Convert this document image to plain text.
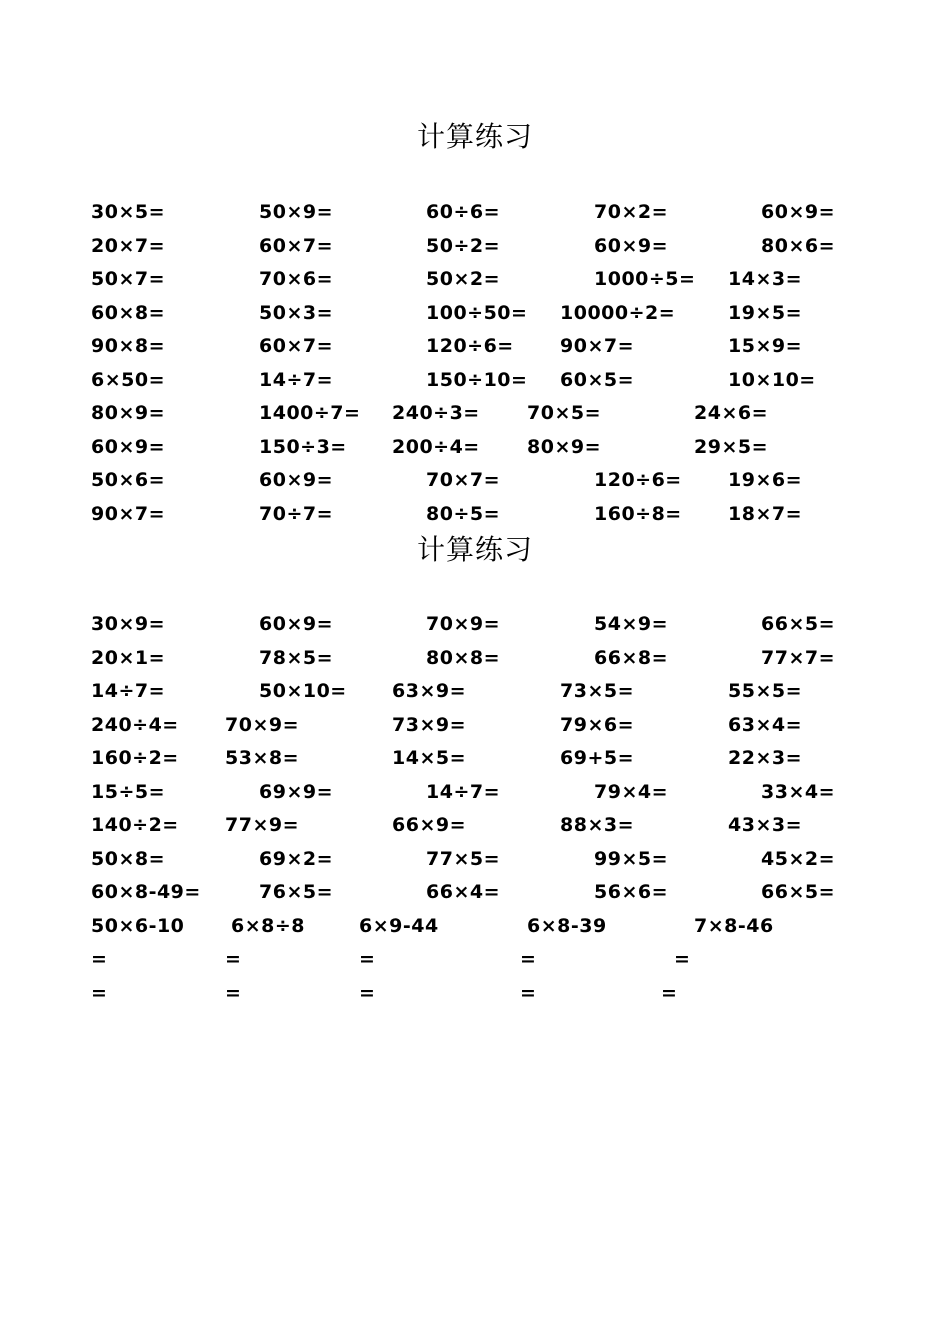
计算练习
30×5=	50×9=	60÷6=	70×2=	60×9=
20×7=	60×7=	50÷2=	60×9=	80×6=
50×7=	70×6=	50×2=	1000÷5= 14×3=
60×8=	50×3=	100÷50= 10000÷2=	19×5=
90×8=	60×7=	120÷6= 90×7=	15×9=
6×50=	14÷7=	150÷10= 60×5=	10×10=
80×9=	1400÷7= 240÷3= 70×5=	24×6=
60×9=	150÷3= 200÷4= 80×9=	29×5=
50×6=	60×9=	70×7=	120÷6= 19×6=
90×7=	70÷7=	80÷5=	160÷8= 18×7=
计算练习
30×9=	60×9=	70×9=	54×9=	66×5=
20×1=	78×5=	80×8=	66×8=	77×7=
14÷7=	50×10= 63×9=	73×5=	55×5=
240÷4= 70×9=	73×9=	79×6=	63×4=
160÷2= 53×8=	14×5=	69+5=	22×3=
15÷5=	69×9=	14÷7=	79×4=	33×4=
140÷2= 77×9=	66×9=	88×3=	43×3=
50×8=	69×2=	77×5=	99×5=	45×2=
60×8-49=	76×5=	66×4=	56×6=	66×5=
50×6-10 6×8÷8	6×9-44	6×8-39	7×8-46
=	=	=	=	=
=	=	=	=	=
